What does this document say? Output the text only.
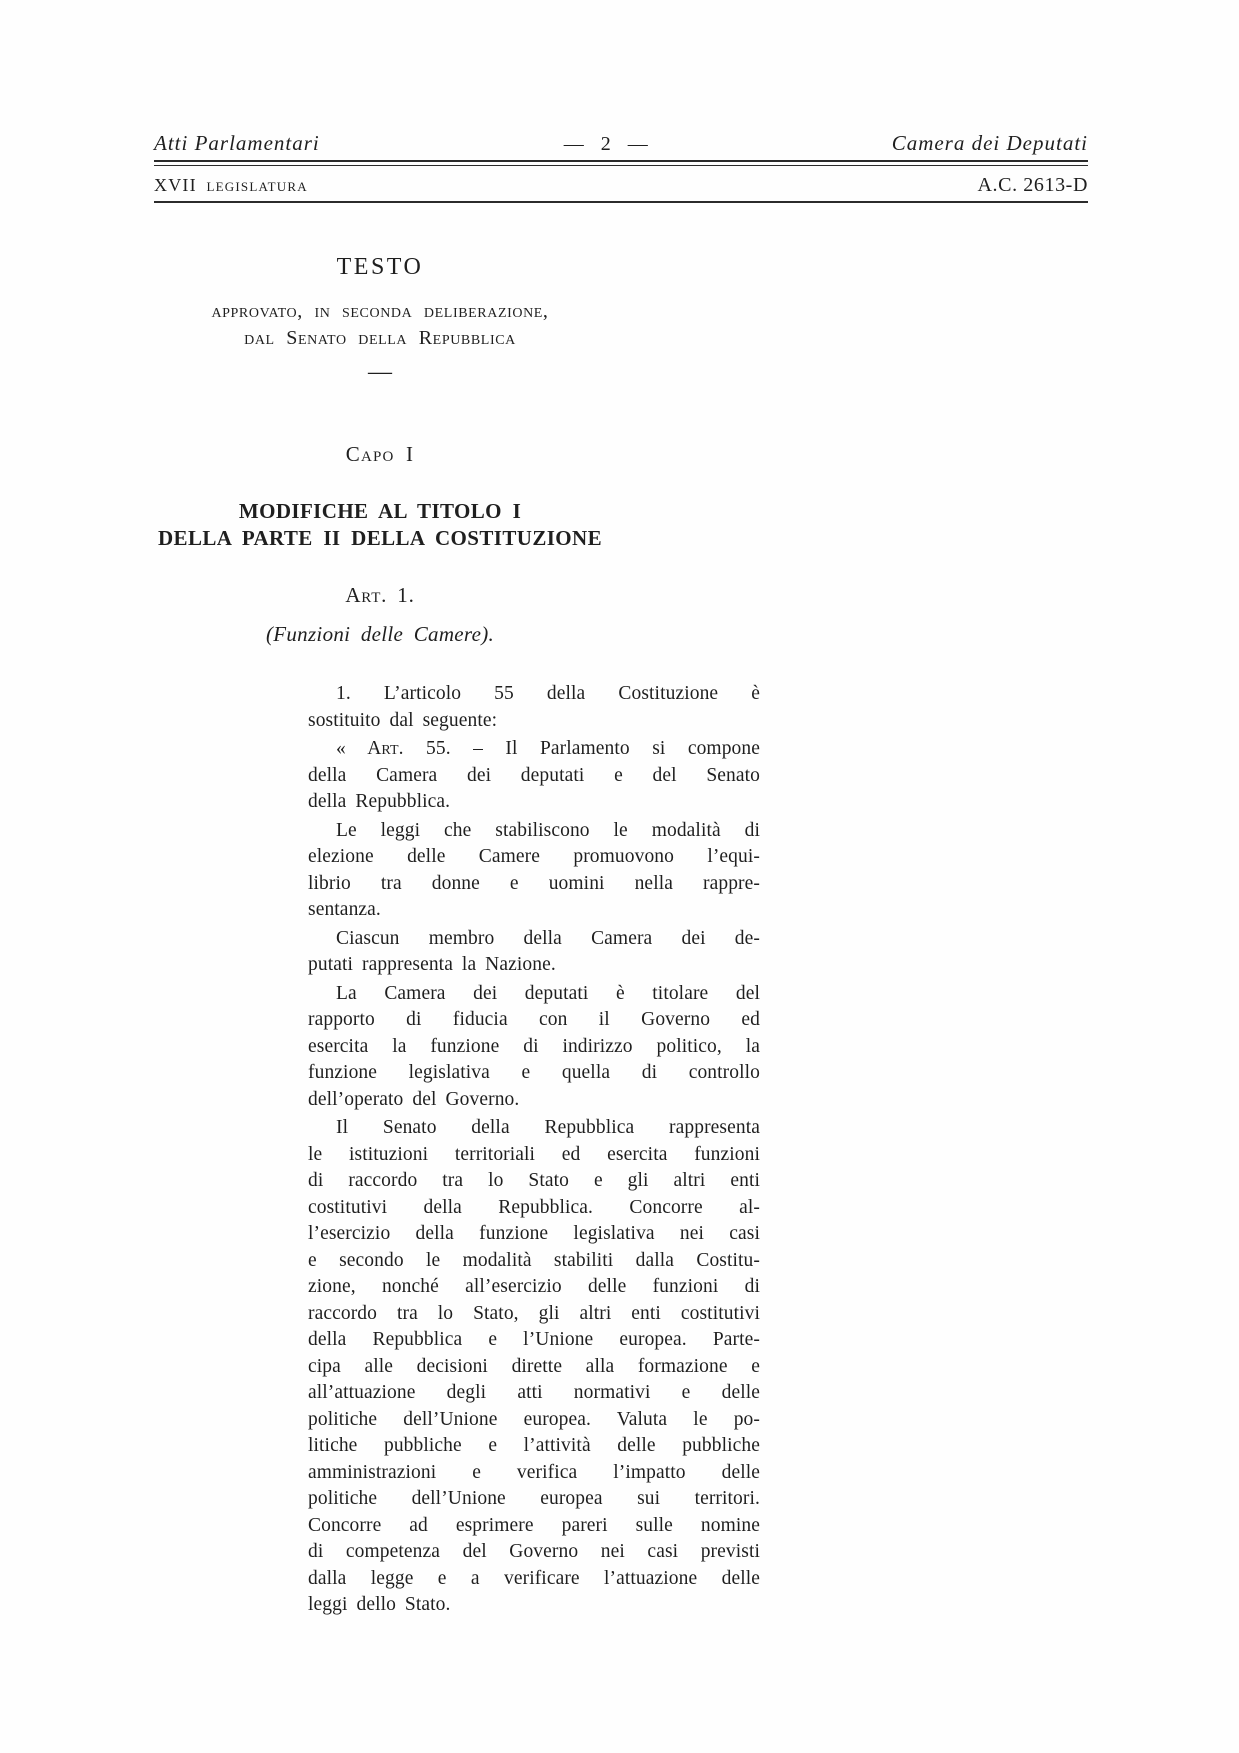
Atti Parlamentari	— 2 —	Camera dei Deputati
XVII legislatura	A.C. 2613-D
TESTO
approvato, in seconda deliberazione,
dal Senato della Repubblica
—
Capo I
MODIFICHE AL TITOLO I
DELLA PARTE II DELLA COSTITUZIONE
Art. 1.
(Funzioni delle Camere).

1. L’articolo 55 della Costituzione è
sostituito dal seguente:

« Art. 55. – Il Parlamento si compone
della Camera dei deputati e del Senato
della Repubblica.

Le leggi che stabiliscono le modalità di
elezione delle Camere promuovono l’equi-
librio tra donne e uomini nella rappre-
sentanza.

Ciascun membro della Camera dei de-
putati rappresenta la Nazione.

La Camera dei deputati è titolare del
rapporto di fiducia con il Governo ed
esercita la funzione di indirizzo politico, la
funzione legislativa e quella di controllo
dell’operato del Governo.

Il Senato della Repubblica rappresenta
le istituzioni territoriali ed esercita funzioni
di raccordo tra lo Stato e gli altri enti
costitutivi della Repubblica. Concorre al-
l’esercizio della funzione legislativa nei casi
e secondo le modalità stabiliti dalla Costitu-
zione, nonché all’esercizio delle funzioni di
raccordo tra lo Stato, gli altri enti costitutivi
della Repubblica e l’Unione europea. Parte-
cipa alle decisioni dirette alla formazione e
all’attuazione degli atti normativi e delle
politiche dell’Unione europea. Valuta le po-
litiche pubbliche e l’attività delle pubbliche
amministrazioni e verifica l’impatto delle
politiche dell’Unione europea sui territori.
Concorre ad esprimere pareri sulle nomine
di competenza del Governo nei casi previsti
dalla legge e a verificare l’attuazione delle
leggi dello Stato.
